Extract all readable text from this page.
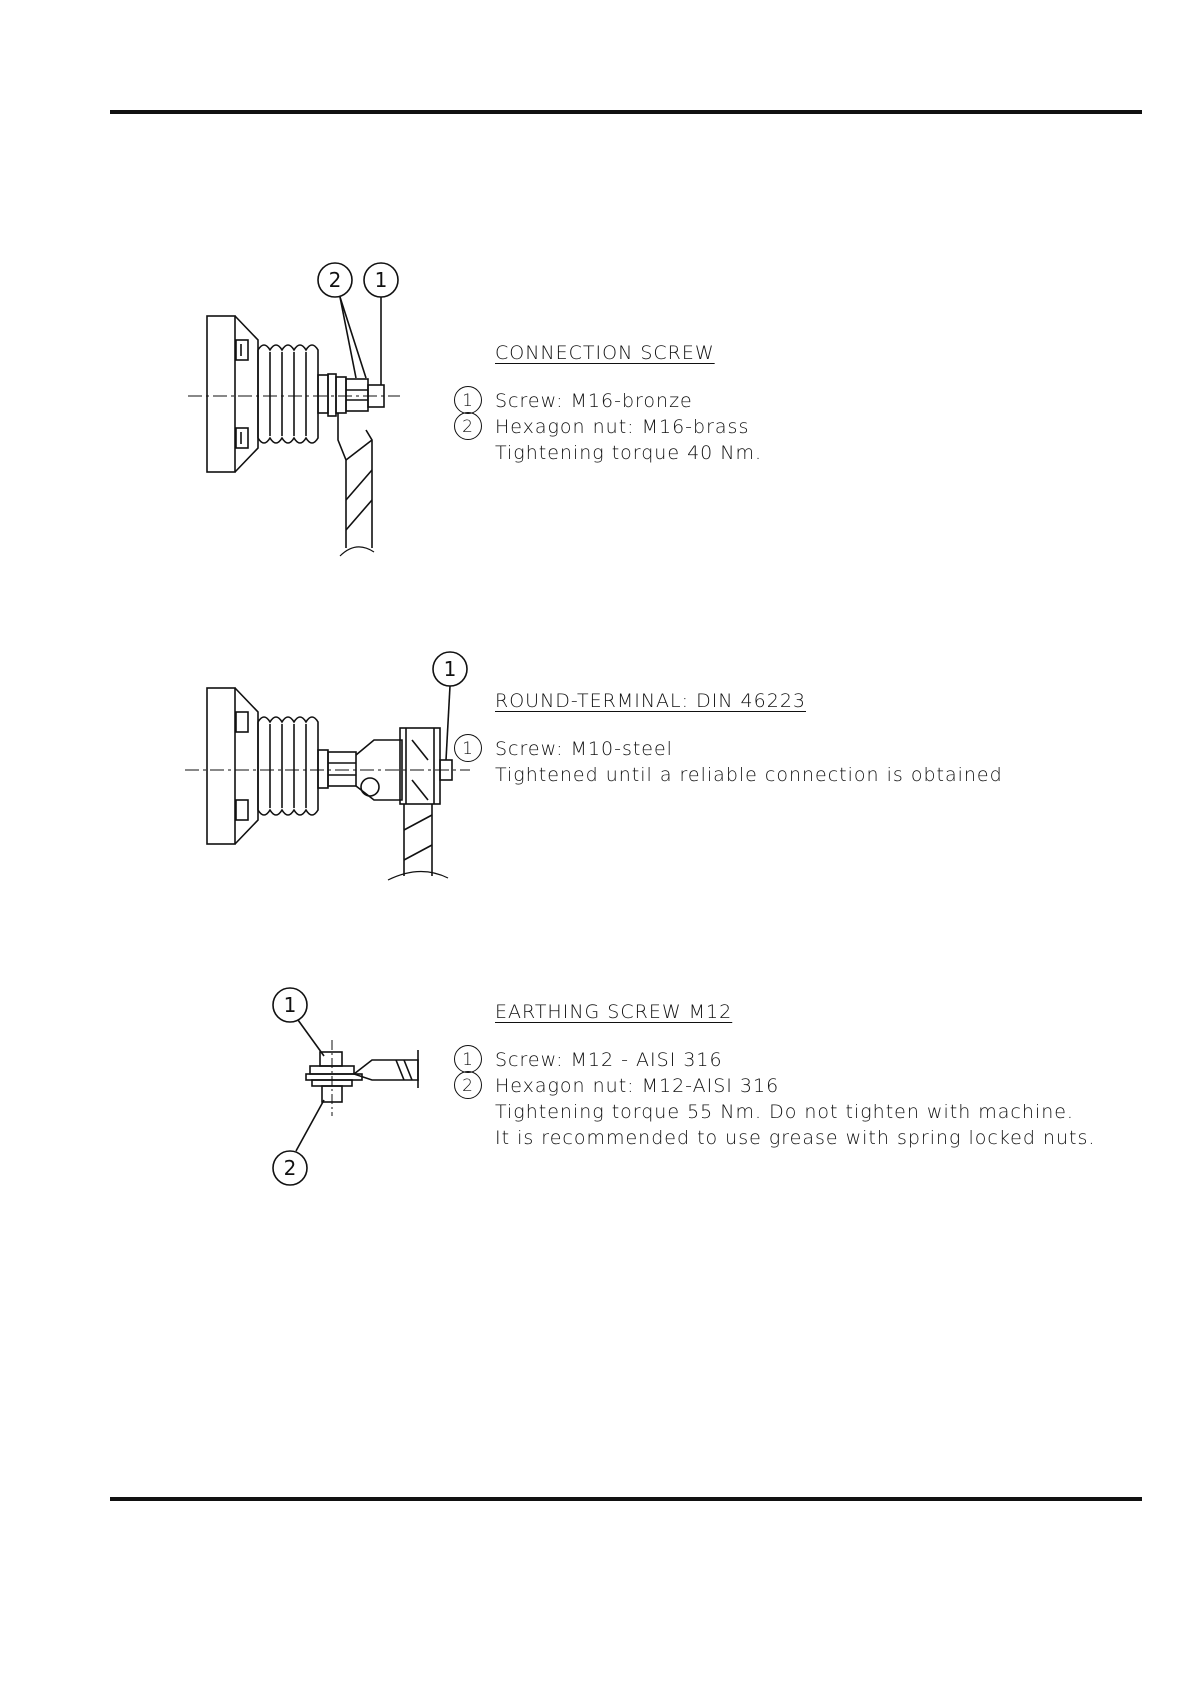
2 1
1
1
2
CONNECTION SCREW
1	Screw: M16-bronze
2	Hexagon nut: M16-brass
Tightening torque 40 Nm.
ROUND-TERMINAL: DIN 46223
1	Screw: M10-steel
Tightened until a reliable connection is obtained
EARTHING SCREW M12
1	Screw: M12 - AISI 316
2	Hexagon nut: M12-AISI 316
Tightening torque 55 Nm. Do not tighten with machine.
It is recommended to use grease with spring locked nuts.
